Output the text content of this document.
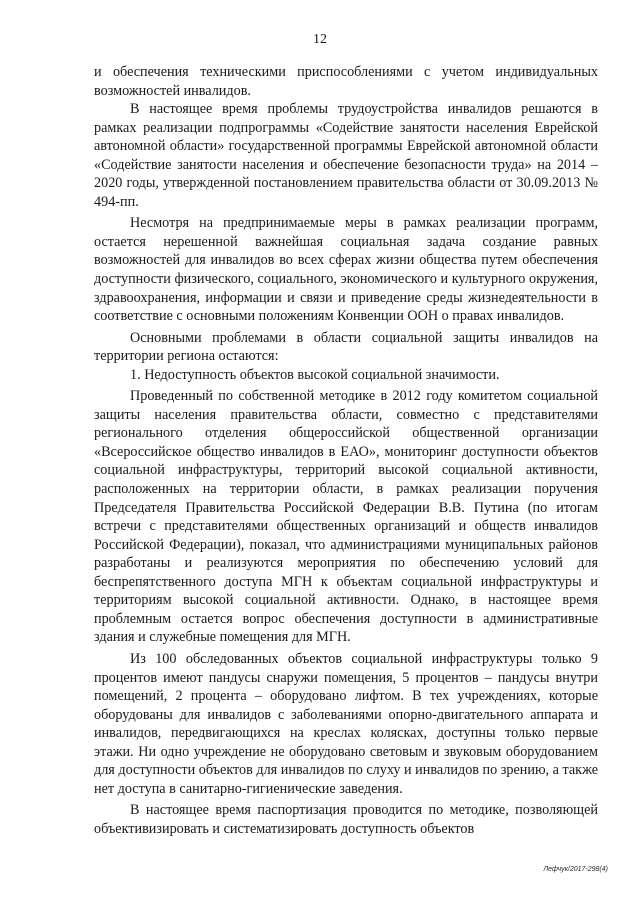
12

и обеспечения техническими приспособлениями с учетом индивидуальных возможностей инвалидов.

В настоящее время проблемы трудоустройства инвалидов решаются в рамках реализации подпрограммы «Содействие занятости населения Еврейской автономной области» государственной программы Еврейской автономной области «Содействие занятости населения и обеспечение безопасности труда» на 2014 – 2020 годы, утвержденной постановлением правительства области от 30.09.2013 № 494-пп.

Несмотря на предпринимаемые меры в рамках реализации программ, остается нерешенной важнейшая социальная задача создание равных возможностей для инвалидов во всех сферах жизни общества путем обеспечения доступности физического, социального, экономического и культурного окружения, здравоохранения, информации и связи и приведение среды жизнедеятельности в соответствие с основными положениям Конвенции ООН о правах инвалидов.

Основными проблемами в области социальной защиты инвалидов на территории региона остаются:

1. Недоступность объектов высокой социальной значимости.

Проведенный по собственной методике в 2012 году комитетом социальной защиты населения правительства области, совместно с представителями регионального отделения общероссийской общественной организации «Всероссийское общество инвалидов в ЕАО», мониторинг доступности объектов социальной инфраструктуры, территорий высокой социальной активности, расположенных на территории области, в рамках реализации поручения Председателя Правительства Российской Федерации В.В. Путина (по итогам встречи с представителями общественных организаций и обществ инвалидов Российской Федерации), показал, что администрациями муниципальных районов разработаны и реализуются мероприятия по обеспечению условий для беспрепятственного доступа МГН к объектам социальной инфраструктуры и территориям высокой социальной активности. Однако, в настоящее время проблемным остается вопрос обеспечения доступности в административные здания и служебные помещения для МГН.

Из 100 обследованных объектов социальной инфраструктуры только 9 процентов имеют пандусы снаружи помещения, 5 процентов – пандусы внутри помещений, 2 процента – оборудовано лифтом. В тех учреждениях, которые оборудованы для инвалидов с заболеваниями опорно-двигательного аппарата и инвалидов, передвигающихся на креслах колясках, доступны только первые этажи. Ни одно учреждение не оборудовано световым и звуковым оборудованием для доступности объектов для инвалидов по слуху и инвалидов по зрению, а также нет доступа в санитарно-гигиенические заведения.

В настоящее время паспортизация проводится по методике, позволяющей объективизировать и систематизировать доступность объектов

Лефчук/2017-298(4)
